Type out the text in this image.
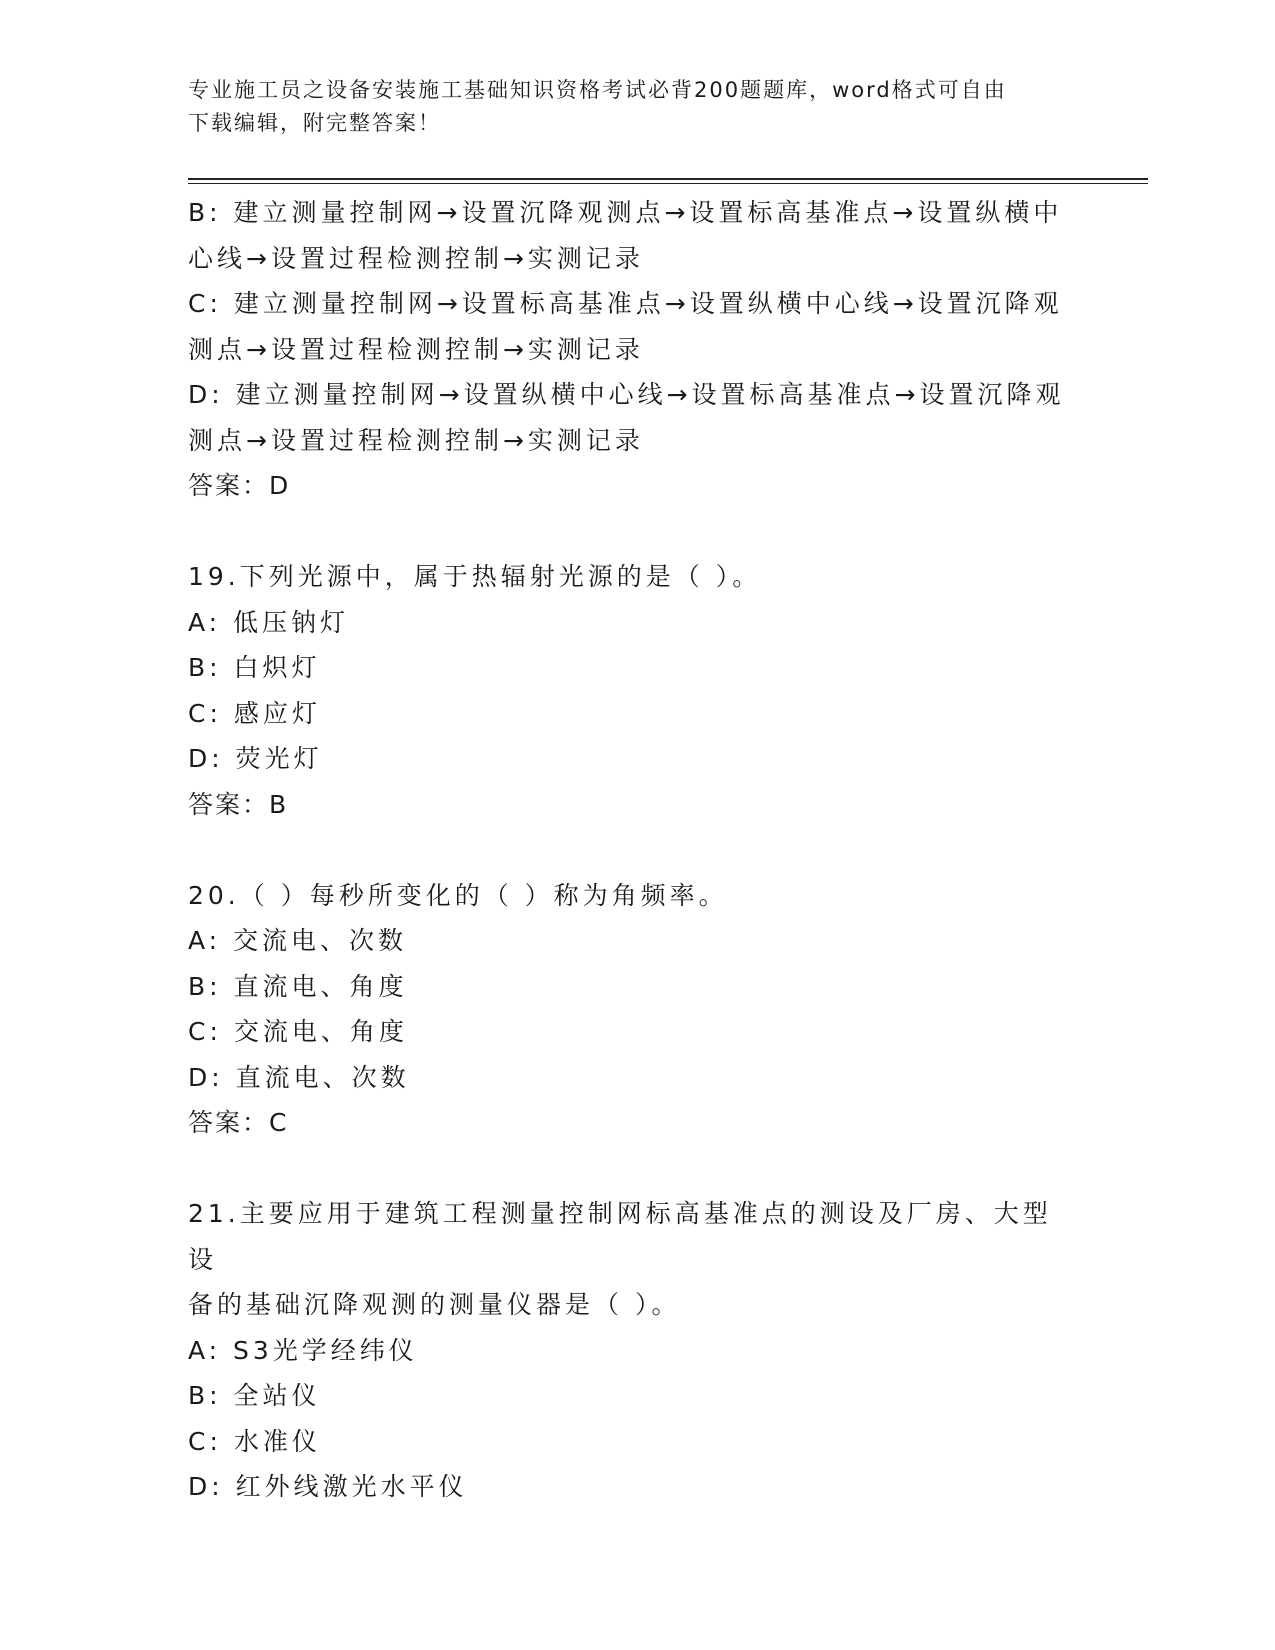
专业施工员之设备安装施工基础知识资格考试必背200题题库，word格式可自由
下载编辑，附完整答案！
B: 建立测量控制网→设置沉降观测点→设置标高基准点→设置纵横中
心线→设置过程检测控制→实测记录
C: 建立测量控制网→设置标高基准点→设置纵横中心线→设置沉降观
测点→设置过程检测控制→实测记录
D: 建立测量控制网→设置纵横中心线→设置标高基准点→设置沉降观
测点→设置过程检测控制→实测记录
答案：D
19.下列光源中，属于热辐射光源的是（ ）。
A: 低压钠灯
B: 白炽灯
C: 感应灯
D: 荧光灯
答案：B
20.（ ）每秒所变化的（ ）称为角频率。
A: 交流电、次数
B: 直流电、角度
C: 交流电、角度
D: 直流电、次数
答案：C
21.主要应用于建筑工程测量控制网标高基准点的测设及厂房、大型设
备的基础沉降观测的测量仪器是（ ）。
A: S3光学经纬仪
B: 全站仪
C: 水准仪
D: 红外线激光水平仪
